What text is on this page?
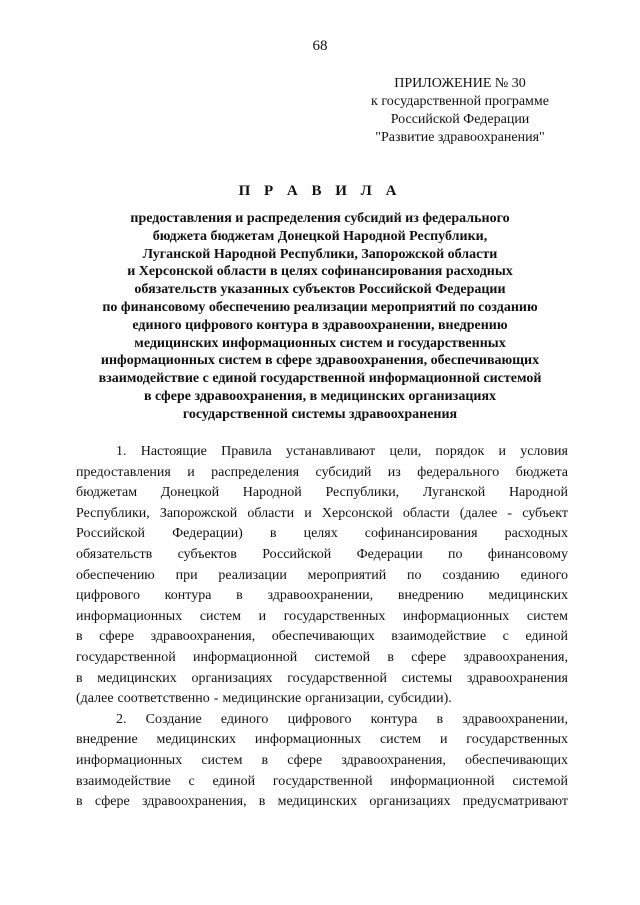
68
ПРИЛОЖЕНИЕ № 30
к государственной программе
Российской Федерации
"Развитие здравоохранения"
П Р А В И Л А
предоставления и распределения субсидий из федерального
бюджета бюджетам Донецкой Народной Республики,
Луганской Народной Республики, Запорожской области
и Херсонской области в целях софинансирования расходных
обязательств указанных субъектов Российской Федерации
по финансовому обеспечению реализации мероприятий по созданию
единого цифрового контура в здравоохранении, внедрению
медицинских информационных систем и государственных
информационных систем в сфере здравоохранения, обеспечивающих
взаимодействие с единой государственной информационной системой
в сфере здравоохранения, в медицинских организациях
государственной системы здравоохранения
1. Настоящие Правила устанавливают цели, порядок и условия
предоставления и распределения субсидий из федерального бюджета
бюджетам Донецкой Народной Республики, Луганской Народной
Республики, Запорожской области и Херсонской области (далее - субъект
Российской Федерации) в целях софинансирования расходных
обязательств субъектов Российской Федерации по финансовому
обеспечению при реализации мероприятий по созданию единого
цифрового контура в здравоохранении, внедрению медицинских
информационных систем и государственных информационных систем
в сфере здравоохранения, обеспечивающих взаимодействие с единой
государственной информационной системой в сфере здравоохранения,
в медицинских организациях государственной системы здравоохранения
(далее соответственно - медицинские организации, субсидии).
2. Создание единого цифрового контура в здравоохранении,
внедрение медицинских информационных систем и государственных
информационных систем в сфере здравоохранения, обеспечивающих
взаимодействие с единой государственной информационной системой
в сфере здравоохранения, в медицинских организациях предусматривают
